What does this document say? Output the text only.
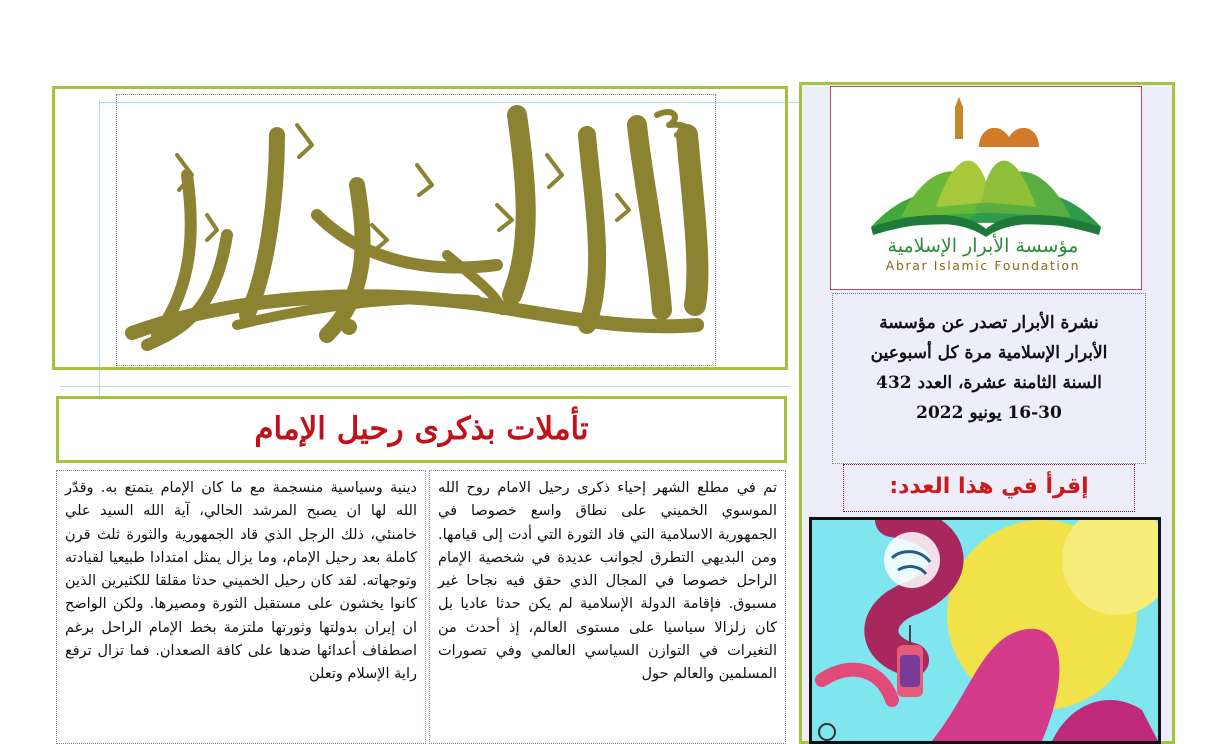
مؤسسة الأبرار الإسلامية
Abrar Islamic Foundation
نشرة الأبرار تصدر عن مؤسسة
الأبرار الإسلامية مرة كل أسبوعين
السنة الثامنة عشرة، العدد 432
16-30 يونيو 2022
إقرأ في هذا العدد:
تأملات بذكرى رحيل الإمام
تم في مطلع الشهر إحياء ذكرى رحيل الامام روح الله الموسوي الخميني على نطاق واسع خصوصا في الجمهورية الاسلامية التي قاد الثورة التي أدت إلى قيامها. ومن البديهي التطرق لجوانب عديدة في شخصية الإمام الراحل خصوصا في المجال الذي حقق فيه نجاحا غير مسبوق. فإقامة الدولة الإسلامية لم يكن حدثا عاديا بل كان زلزالا سياسيا على مستوى العالم، إذ أحدث من التغيرات في التوازن السياسي العالمي وفي تصورات المسلمين والعالم حول
دينية وسياسية منسجمة مع ما كان الإمام يتمتع به. وقدّر الله لها ان يصبح المرشد الحالي، آية الله السيد علي خامنئي، ذلك الرجل الذي قاد الجمهورية والثورة ثلث قرن كاملة بعد رحيل الإمام، وما يزال يمثل امتدادا طبيعيا لقيادته وتوجهاته. لقد كان رحيل الخميني حدثا مقلقا للكثيرين الذين كانوا يخشون على مستقبل الثورة ومصيرها. ولكن الواضح ان إيران بدولتها وثورتها ملتزمة بخط الإمام الراحل برغم اصطفاف أعدائها ضدها على كافة الصعدان. فما تزال ترفع راية الإسلام وتعلن
